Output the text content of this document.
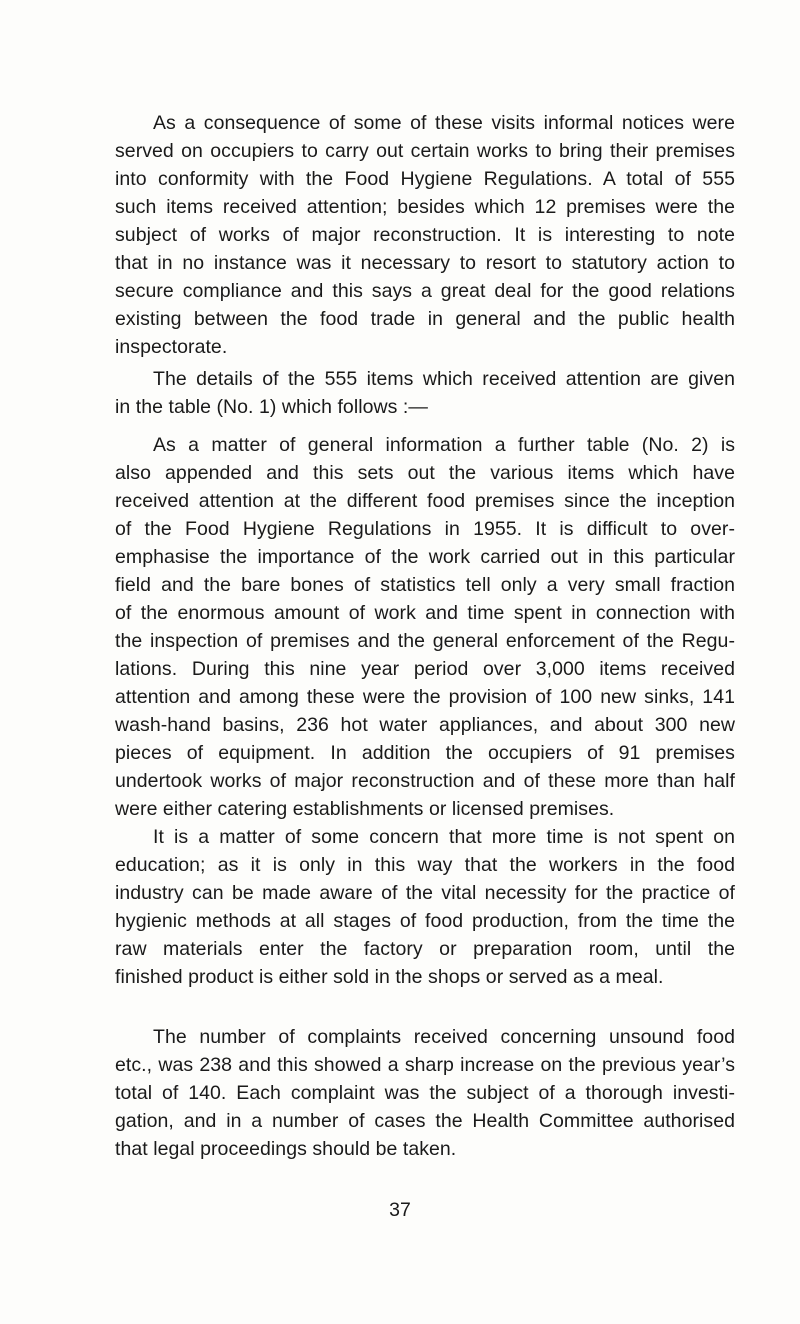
As a consequence of some of these visits informal notices were
served on occupiers to carry out certain works to bring their premises
into conformity with the Food Hygiene Regulations. A total of 555
such items received attention; besides which 12 premises were the
subject of works of major reconstruction. It is interesting to note
that in no instance was it necessary to resort to statutory action to
secure compliance and this says a great deal for the good relations
existing between the food trade in general and the public health
inspectorate.
The details of the 555 items which received attention are given
in the table (No. 1) which follows :—
As a matter of general information a further table (No. 2) is
also appended and this sets out the various items which have
received attention at the different food premises since the inception
of the Food Hygiene Regulations in 1955. It is difficult to over-
emphasise the importance of the work carried out in this particular
field and the bare bones of statistics tell only a very small fraction
of the enormous amount of work and time spent in connection with
the inspection of premises and the general enforcement of the Regu-
lations. During this nine year period over 3,000 items received
attention and among these were the provision of 100 new sinks, 141
wash-hand basins, 236 hot water appliances, and about 300 new
pieces of equipment. In addition the occupiers of 91 premises
undertook works of major reconstruction and of these more than half
were either catering establishments or licensed premises.
It is a matter of some concern that more time is not spent on
education; as it is only in this way that the workers in the food
industry can be made aware of the vital necessity for the practice of
hygienic methods at all stages of food production, from the time the
raw materials enter the factory or preparation room, until the
finished product is either sold in the shops or served as a meal.
The number of complaints received concerning unsound food
etc., was 238 and this showed a sharp increase on the previous year’s
total of 140. Each complaint was the subject of a thorough investi-
gation, and in a number of cases the Health Committee authorised
that legal proceedings should be taken.
37
